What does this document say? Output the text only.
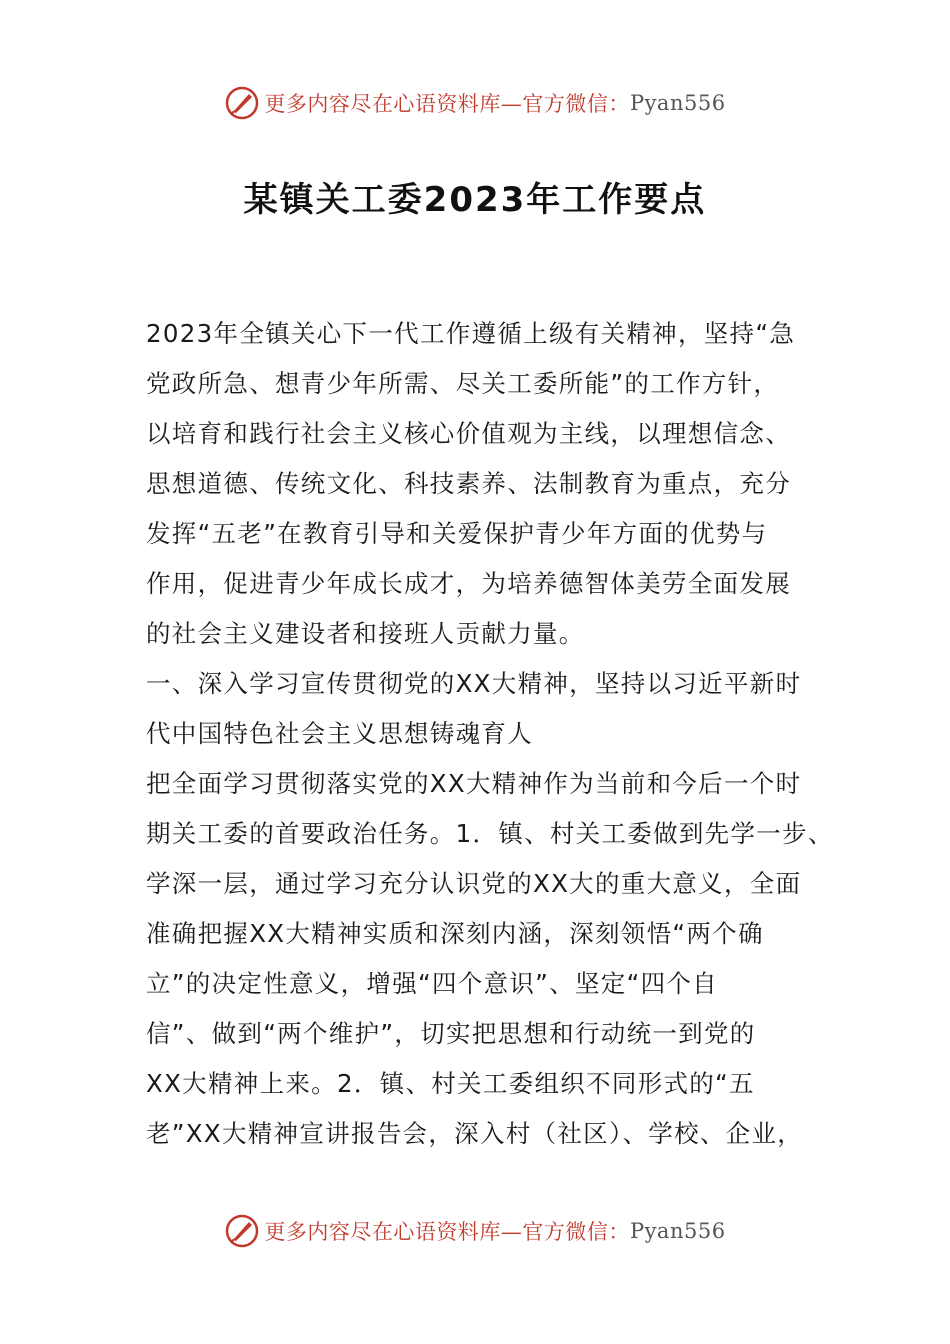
更多内容尽在心语资料库—官方微信： Pyan556
某镇关工委2023年工作要点
2023年全镇关心下一代工作遵循上级有关精神，坚持“急
党政所急、想青少年所需、尽关工委所能”的工作方针，
以培育和践行社会主义核心价值观为主线，以理想信念、
思想道德、传统文化、科技素养、法制教育为重点，充分
发挥“五老”在教育引导和关爱保护青少年方面的优势与
作用，促进青少年成长成才，为培养德智体美劳全面发展
的社会主义建设者和接班人贡献力量。
一、深入学习宣传贯彻党的XX大精神，坚持以习近平新时
代中国特色社会主义思想铸魂育人
把全面学习贯彻落实党的XX大精神作为当前和今后一个时
期关工委的首要政治任务。1．镇、村关工委做到先学一步、
学深一层，通过学习充分认识党的XX大的重大意义，全面
准确把握XX大精神实质和深刻内涵，深刻领悟“两个确
立”的决定性意义，增强“四个意识”、坚定“四个自
信”、做到“两个维护”，切实把思想和行动统一到党的
XX大精神上来。2．镇、村关工委组织不同形式的“五
老”XX大精神宣讲报告会，深入村（社区）、学校、企业，
更多内容尽在心语资料库—官方微信： Pyan556
